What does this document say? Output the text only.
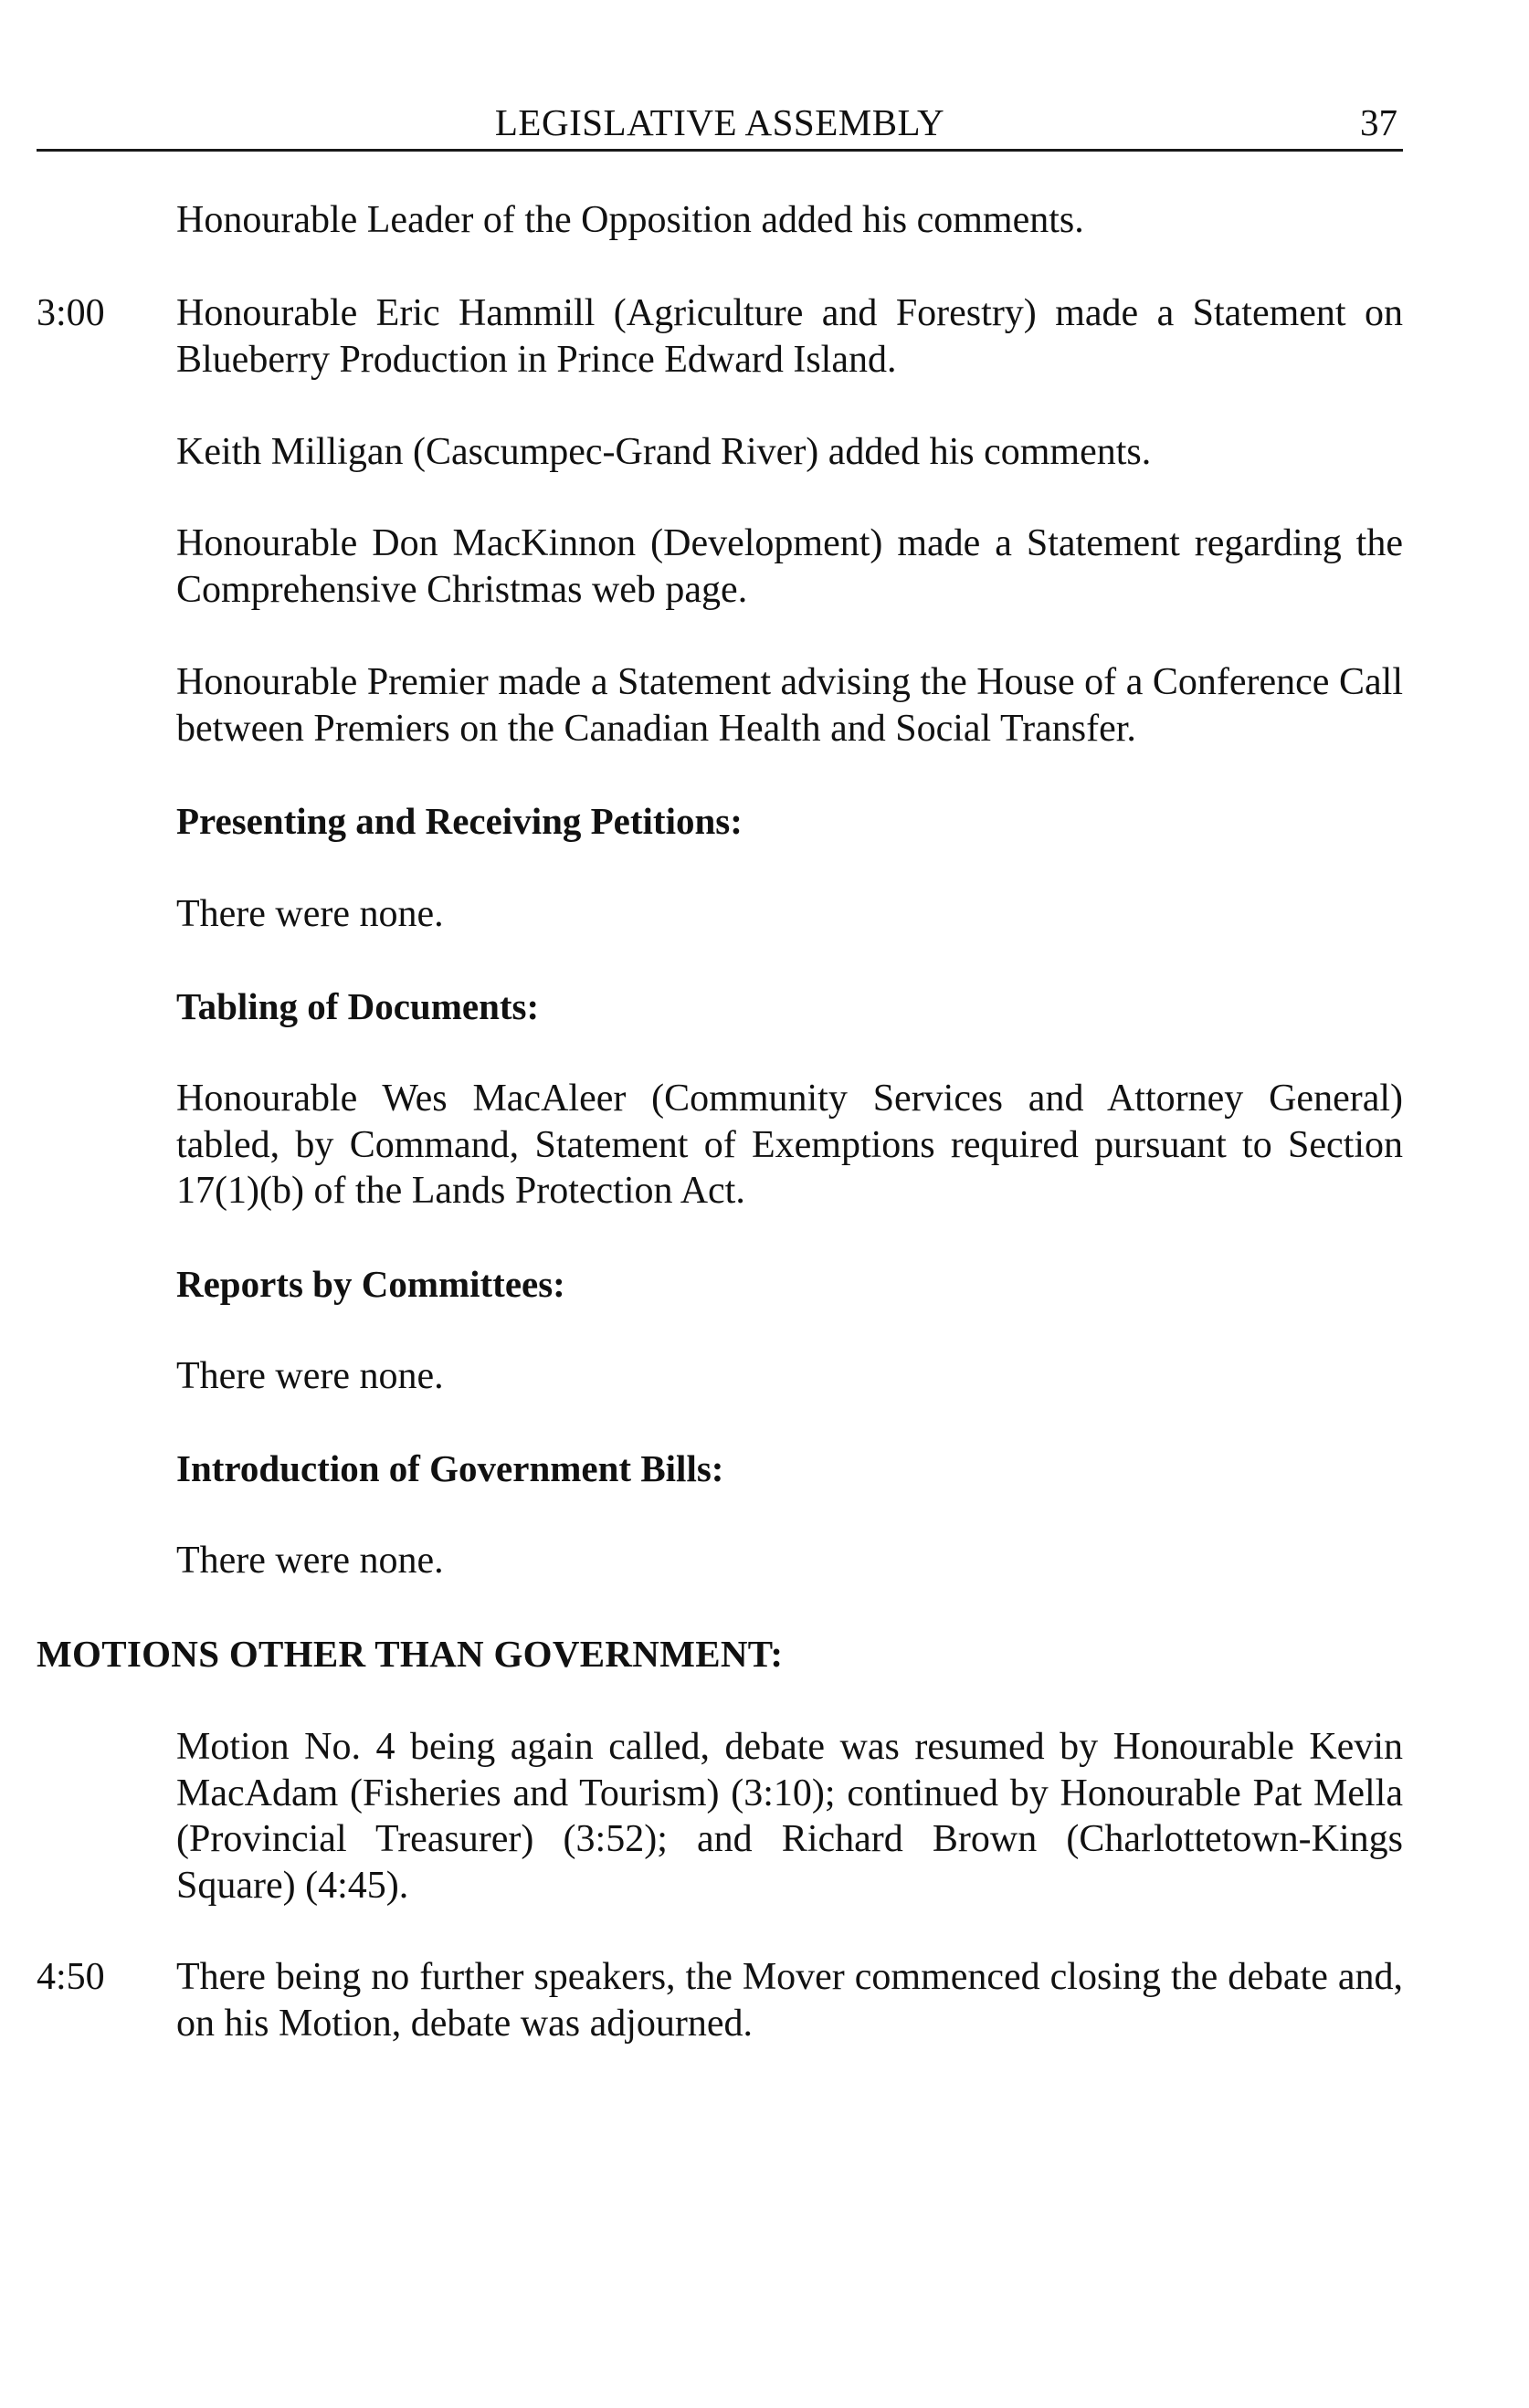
LEGISLATIVE ASSEMBLY	37
Honourable Leader of the Opposition added his comments.
3:00 Honourable Eric Hammill (Agriculture and Forestry) made a Statement on Blueberry Production in Prince Edward Island.
Keith Milligan (Cascumpec-Grand River) added his comments.
Honourable Don MacKinnon (Development) made a Statement regarding the Comprehensive Christmas web page.
Honourable Premier made a Statement advising the House of a Conference Call between Premiers on the Canadian Health and Social Transfer.
Presenting and Receiving Petitions:
There were none.
Tabling of Documents:
Honourable Wes MacAleer (Community Services and Attorney General) tabled, by Command, Statement of Exemptions required pursuant to Section 17(1)(b) of the Lands Protection Act.
Reports by Committees:
There were none.
Introduction of Government Bills:
There were none.
MOTIONS OTHER THAN GOVERNMENT:
Motion No. 4 being again called, debate was resumed by Honourable Kevin MacAdam (Fisheries and Tourism) (3:10); continued by Honourable Pat Mella (Provincial Treasurer) (3:52); and Richard Brown (Charlottetown-Kings Square) (4:45).
4:50 There being no further speakers, the Mover commenced closing the debate and, on his Motion, debate was adjourned.
